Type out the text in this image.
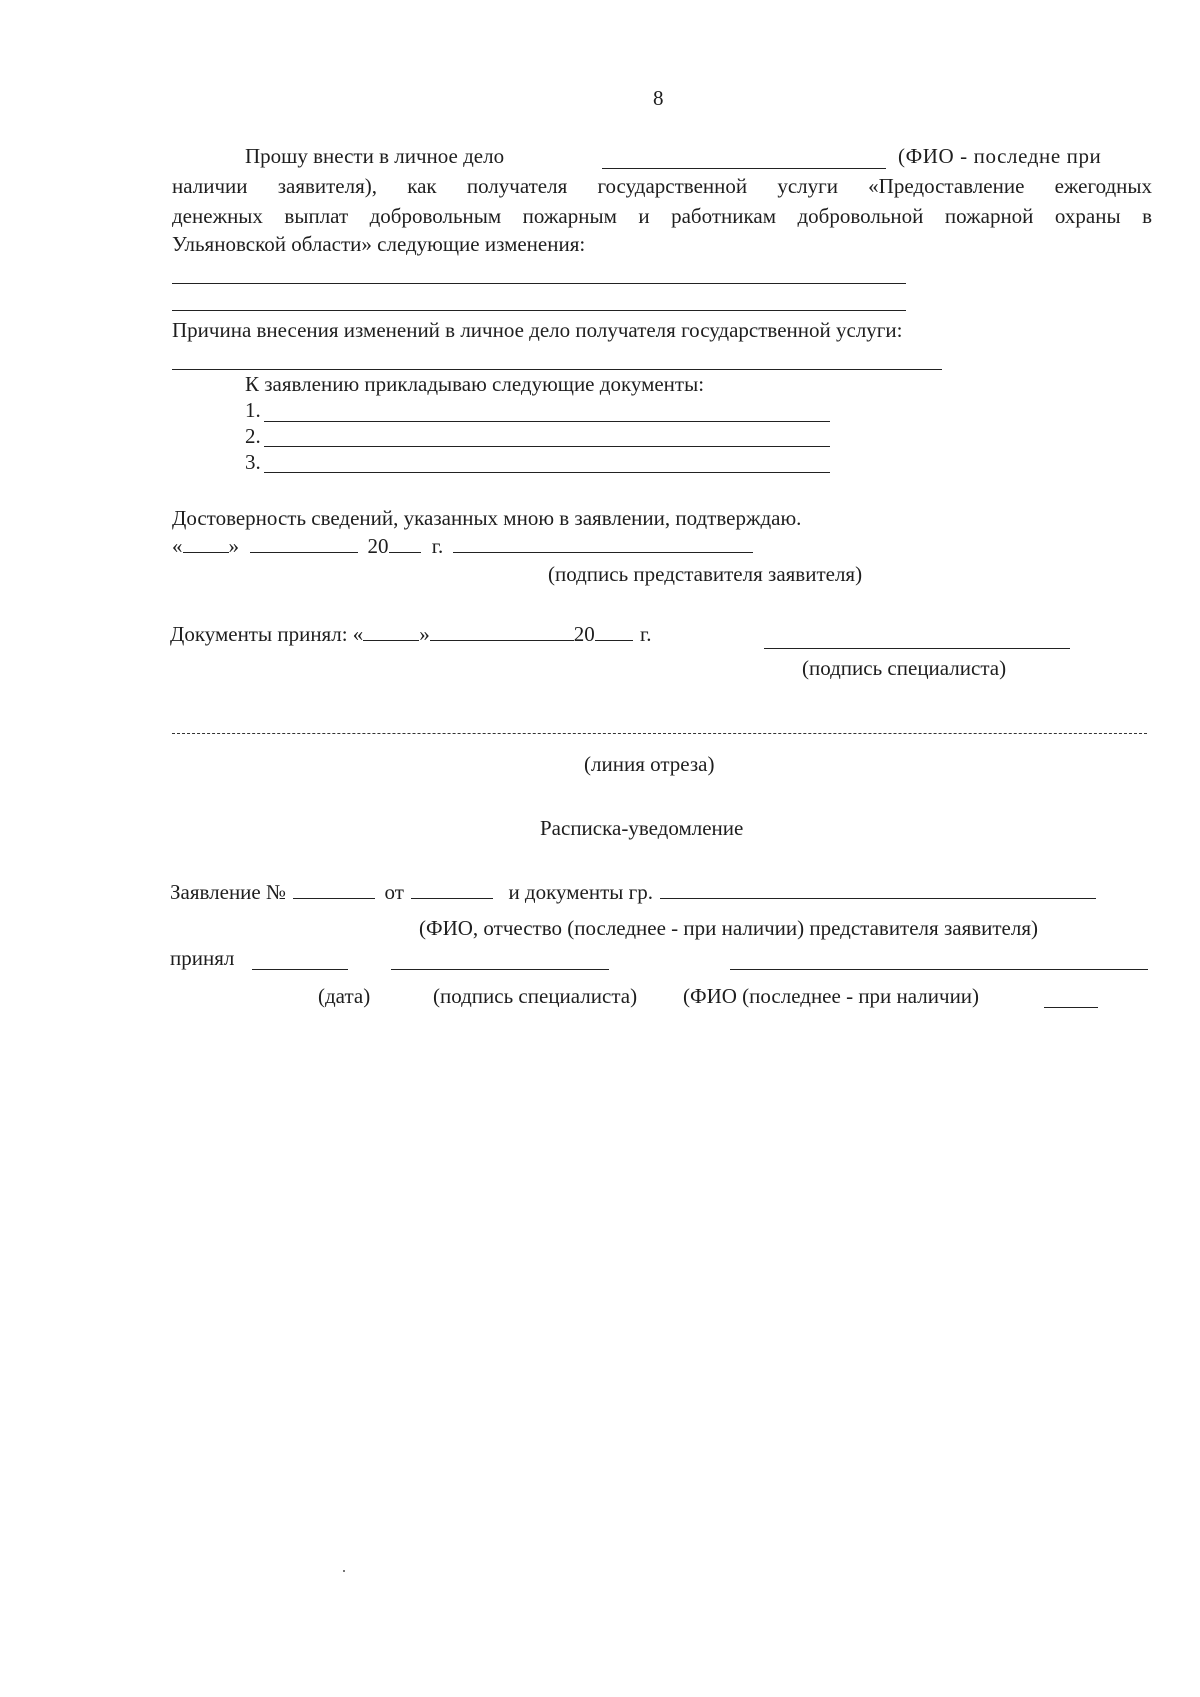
8
Прошу внести в личное дело	(ФИО - последне при
наличии заявителя), как получателя государственной услуги «Предоставление ежегодных
денежных выплат добровольным пожарным и работникам добровольной пожарной охраны в
Ульяновской области» следующие изменения:
Причина внесения изменений в личное дело получателя государственной услуги:
К заявлению прикладываю следующие документы:
1.
2.
3.
Достоверность сведений, указанных мною в заявлении, подтверждаю.
« »	20 г.
(подпись представителя заявителя)
Документы принял: «	»	20 г.
(подпись специалиста)
(линия отреза)
Расписка-уведомление
Заявление №	от	и документы гр.
(ФИО, отчество (последнее - при наличии) представителя заявителя)
принял
(дата)	(подпись специалиста) (ФИО (последнее - при наличии)
